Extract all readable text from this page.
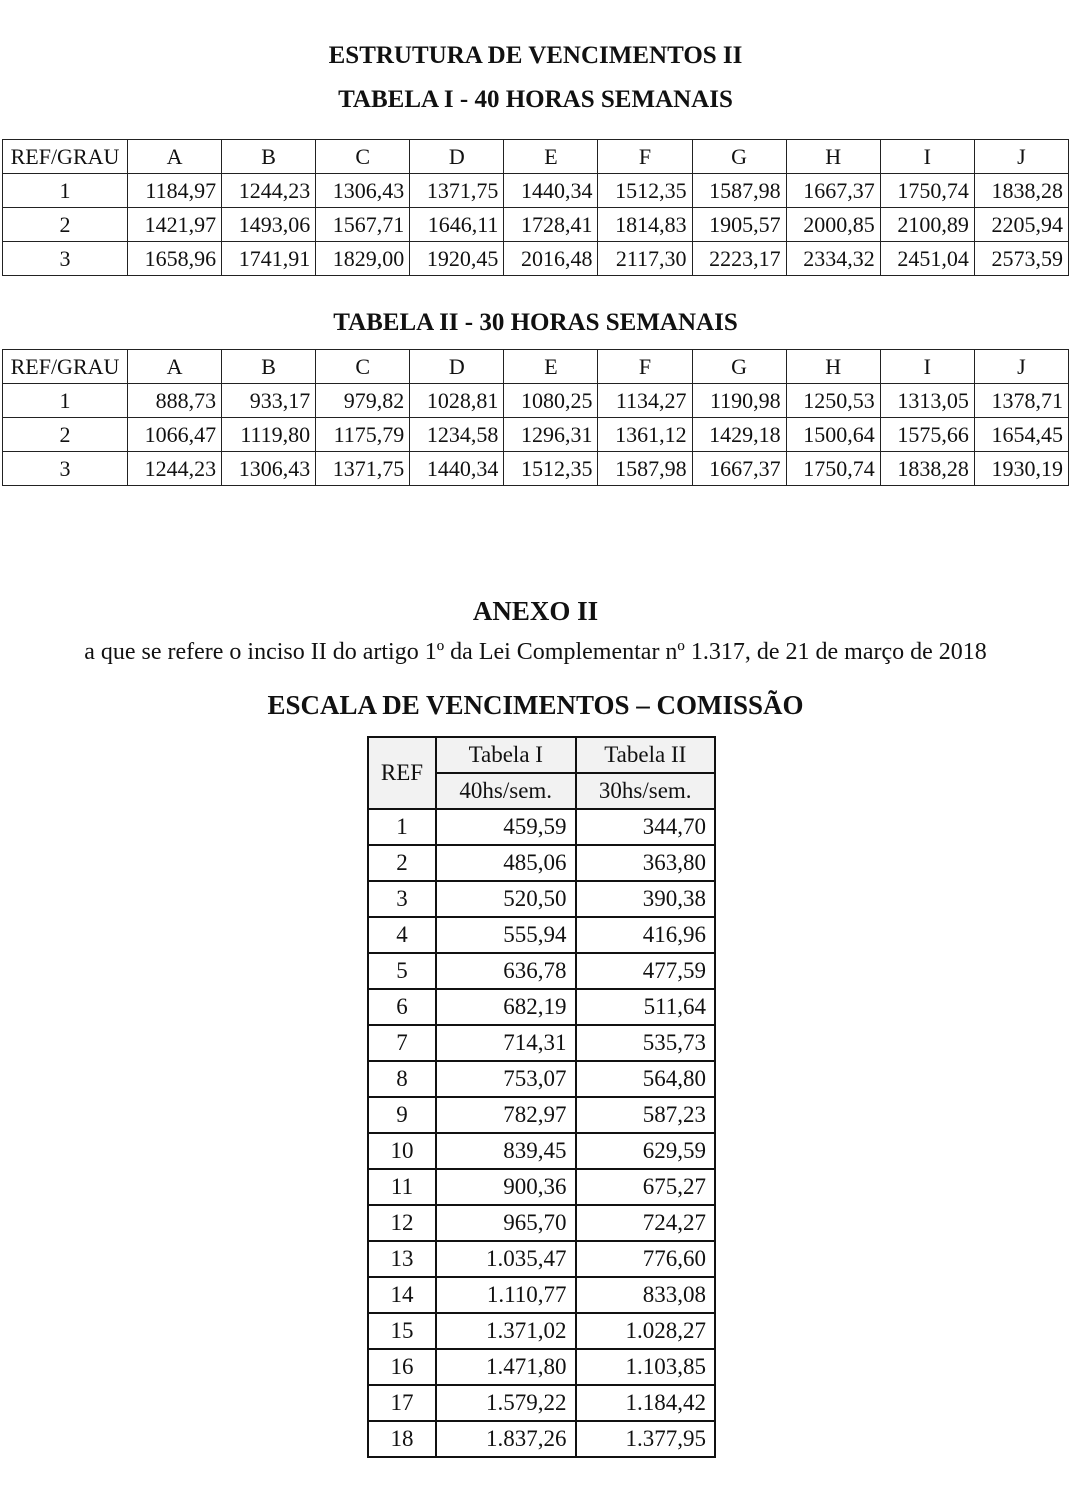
ESTRUTURA DE VENCIMENTOS II
TABELA I - 40 HORAS SEMANAIS
REF/GRAU	A	B	C	D	E	F	G	H	I	J
1	1184,97	1244,23	1306,43	1371,75	1440,34	1512,35	1587,98	1667,37	1750,74	1838,28
2	1421,97	1493,06	1567,71	1646,11	1728,41	1814,83	1905,57	2000,85	2100,89	2205,94
3	1658,96	1741,91	1829,00	1920,45	2016,48	2117,30	2223,17	2334,32	2451,04	2573,59
TABELA II - 30 HORAS SEMANAIS
REF/GRAU	A	B	C	D	E	F	G	H	I	J
1	888,73	933,17	979,82	1028,81	1080,25	1134,27	1190,98	1250,53	1313,05	1378,71
2	1066,47	1119,80	1175,79	1234,58	1296,31	1361,12	1429,18	1500,64	1575,66	1654,45
3	1244,23	1306,43	1371,75	1440,34	1512,35	1587,98	1667,37	1750,74	1838,28	1930,19
ANEXO II

a que se refere o inciso II do artigo 1º da Lei Complementar nº 1.317, de 21 de março de 2018

ESCALA DE VENCIMENTOS – COMISSÃO
REF	Tabela I	Tabela II
	40hs/sem.	30hs/sem.
1	459,59	344,70
2	485,06	363,80
3	520,50	390,38
4	555,94	416,96
5	636,78	477,59
6	682,19	511,64
7	714,31	535,73
8	753,07	564,80
9	782,97	587,23
10	839,45	629,59
11	900,36	675,27
12	965,70	724,27
13	1.035,47	776,60
14	1.110,77	833,08
15	1.371,02	1.028,27
16	1.471,80	1.103,85
17	1.579,22	1.184,42
18	1.837,26	1.377,95
